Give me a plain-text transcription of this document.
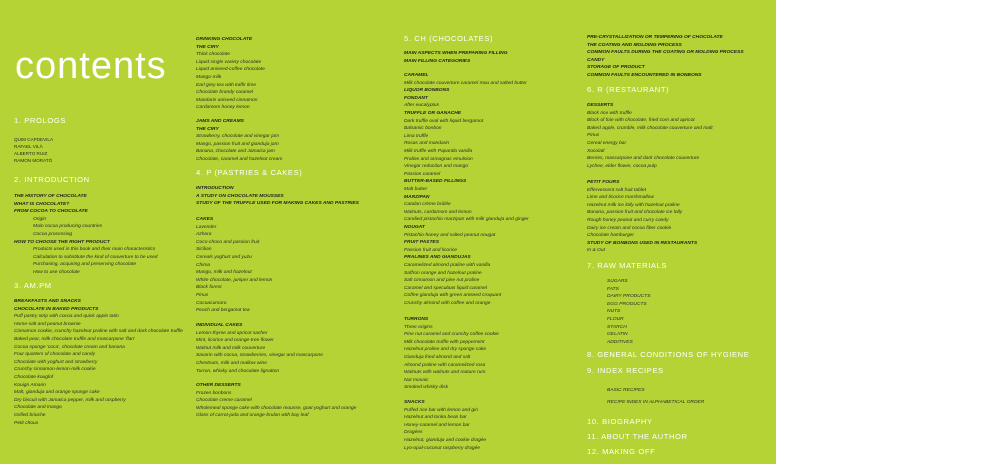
contents
1. PROLOGS
QUIM CAPDEVILA
RAFAEL VILÀ
ALBERTO RUIZ
RAMON MORATÓ
2. INTRODUCTION
THE HISTORY OF CHOCOLATE
WHAT IS CHOCOLATE?
FROM COCOA TO CHOCOLATE
Origin
Main cocoa producing countries
Cocoa processing
HOW TO CHOOSE THE RIGHT PRODUCT
Products used in this book and their main characteristics
Calculation to substitute the kind of couverture to be used
Purchasing, acquiring and preserving chocolate
How to use chocolate
3. AM.PM
BREAKFASTS AND SNACKS
CHOCOLATE IN BAKED PRODUCTS
Puff pastry strip with cocoa and quick apple tatin
Home-salt and peanut brownie
Cinnamon cookie, crunchy hazelnut praline with salt and dark chocolate truffle
Baked pear, milk chocolate truffle and mascarpone 'flan'
Cocoa sponge 'coca', chocolate cream and banana
Four quarters of chocolate and candy
Chocolate with yoghurt and strawberry
Crunchy cinnamon-lemon-milk cookie
Chocolate kouglof
Kouign Amann
Malt, gianduja and orange sponge cake
Dry biscuit with Jamaica pepper, milk and raspberry
Chocolate and mango
Grilled brioche
Petit choux
DRINKING CHOCOLATE
THE CIRY
Thick chocolate
Liquid single variety chocolate
Liquid aniseed-coffee chocolate
Mango-milk
Earl grey tea with kaffir lime
Chocolate brandy caramel
Mandarin aniseed cinnamon
Cardamom honey lemon
JAMS AND CREAMS
THE CIRY
Strawberry, chocolate and vinegar jam
Mango, passion fruit and gianduja jam
Banana, chocolate and Jamaica jam
Chocolate, caramel and hazelnut cream
4. P (PASTRIES & CAKES)
INTRODUCTION
A STUDY ON CHOCOLATE MOUSSES
STUDY OF THE TRUFFLE USED FOR MAKING CAKES AND PASTRIES
CAKES
Lavender
Azhara
Coco-choco and passion fruit
Sicilian
Cereals yoghurt and yuzu
Chima
Mango, milk and hazelnut
White chocolate, juniper and lemon
Black forest
Pinus
Cocoacumaro
Peach and bergamot tea
INDIVIDUAL CAKES
Lemon-thyme and apricot sacher
Mint, licorice and orange-tree flower
Walnut milk and milk couverture
Savarin with cocoa, strawberries, vinegar and mascarpone
Chestnuts, milk and mallow wine
Turron, whisky and chocolate lignatton
OTHER DESSERTS
Frozen bonbons
Chocolate creme caramel
Wholemeal sponge cake with chocolate mousse, goat yoghurt and orange
Glass of carrot-juda and orange-brulon with bay leaf
5. CH (CHOCOLATES)
MAIN ASPECTS WHEN PREPARING FILLING
MAIN FILLING CATEGORIES
CARAMEL
Milk chocolate couverture caramel mou and salted butter
LIQUOR BONBONS
FONDANT
After eucalyptus
TRUFFLE OR GANACHE
Dark truffle oval with liquid bergamot
Balsamic bonbon
Lima truffle
Rosas and mandarin
Milk truffle with Papantla vanilla
Praline and armagnac emulsion
Vinegar reduction and mango
Passion caramel
BUTTER-BASED FILLINGS
Malt butter
MARZIPAN
Catalan crème brûlée
Walnuts, cardamom and lemon
Candied pistachio marzipan with milk gianduja and ginger
NOUGAT
Pistachio-honey and salted peanut nougat
FRUIT PASTES
Passion fruit and licorice
PRALINES AND GIANDUJAS
Caramelized almond praline with vanilla
Saffron orange and hazelnut praline
Salt cinnamon and pine nut praline
Caramel and speculaas liquid caramel
Coffee gianduja with green aniseed croquant
Crunchy almond with coffee and orange
TURRONS
Three origins
Pine nut caramel and crunchy coffee cookie
Milk chocolate truffle with peppermint
Hazelnut praline and dry sponge cake
Gianduja fried almond and salt
Almond praline with caramelized rosa
Walnuts with walnuts and mature rum
Nut mosaic
Smoked whisky disk
SNACKS
Puffed rice bar with lemon and gin
Hazelnut and tonka bean bar
Honey-caramel and lemon bar
Dragées
Hazelnut, gianduja and cookie dragée
Lyo-opal-coconut raspberry dragée
PRE-CRYSTALLIZATION OR TEMPERING OF CHOCOLATE
THE COATING AND MOLDING PROCESS
COMMON FAULTS DURING THE COATING OR MOLDING PROCESS
CANDY
STORAGE OF PRODUCT
COMMON FAULTS ENCOUNTERED IN BONBONS
6. R (RESTAURANT)
DESSERTS
Black rice with truffle
Block of foie with chocolate, fried corn and apricot
Baked apple, crumble, milk chocolate couverture and malt
Pinus
Cereal energy bar
Xocolatl
Berries, mascarpone and dark chocolate couverture
Lychee, elder flower, cocoa pulp
PETIT FOURS
Effervescent salt fruit tablet
Lime and licorice marshmallow
Hazelnut milk ice lolly with hazelnut praline
Banana, passion fruit and chocolate ice lolly
Rough honey peanut and curry candy
Dairy ice cream and cocoa fiber cookie
Chocolate hamburger
STUDY OF BONBONS USED IN RESTAURANTS
In & Out
7. RAW MATERIALS
SUGARS
FATS
DAIRY PRODUCTS
EGG PRODUCTS
NUTS
FLOUR
STARCH
GELATIN
ADDITIVES
8. GENERAL CONDITIONS OF HYGIENE
9. INDEX RECIPES
BASIC RECIPES
RECIPE INDEX IN ALPHABETICAL ORDER
10. BIOGRAPHY
11. ABOUT THE AUTHOR
12. MAKING OFF
